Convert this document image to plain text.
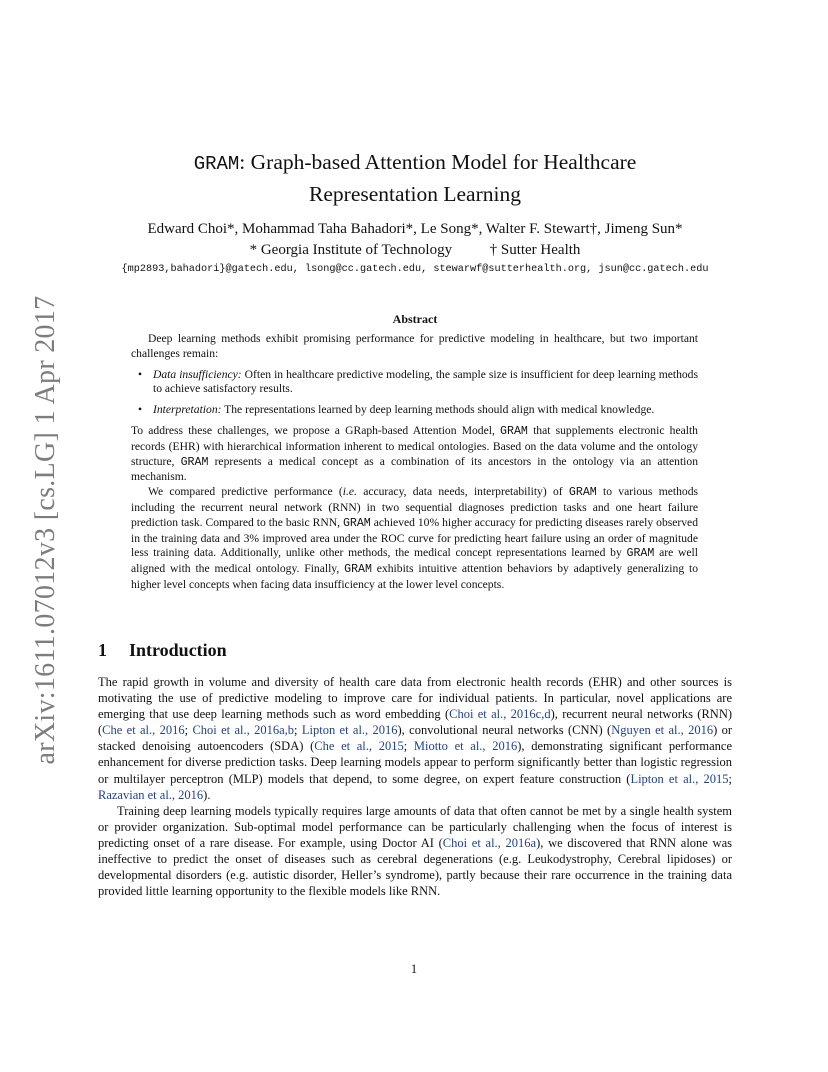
arXiv:1611.07012v3 [cs.LG] 1 Apr 2017
GRAM: Graph-based Attention Model for Healthcare
Representation Learning
Edward Choi*, Mohammad Taha Bahadori*, Le Song*, Walter F. Stewart†, Jimeng Sun*
* Georgia Institute of Technology          † Sutter Health
{mp2893,bahadori}@gatech.edu, lsong@cc.gatech.edu, stewarwf@sutterhealth.org, jsun@cc.gatech.edu
Abstract

Deep learning methods exhibit promising performance for predictive modeling in healthcare, but two important challenges remain:

• Data insufficiency: Often in healthcare predictive modeling, the sample size is insufficient for deep learning methods to achieve satisfactory results.
• Interpretation: The representations learned by deep learning methods should align with medical knowledge.

To address these challenges, we propose a GRaph-based Attention Model, GRAM that supplements electronic health records (EHR) with hierarchical information inherent to medical ontologies. Based on the data volume and the ontology structure, GRAM represents a medical concept as a combination of its ancestors in the ontology via an attention mechanism.

We compared predictive performance (i.e. accuracy, data needs, interpretability) of GRAM to various methods including the recurrent neural network (RNN) in two sequential diagnoses prediction tasks and one heart failure prediction task. Compared to the basic RNN, GRAM achieved 10% higher accuracy for predicting diseases rarely observed in the training data and 3% improved area under the ROC curve for predicting heart failure using an order of magnitude less training data. Additionally, unlike other methods, the medical concept representations learned by GRAM are well aligned with the medical ontology. Finally, GRAM exhibits intuitive attention behaviors by adaptively generalizing to higher level concepts when facing data insufficiency at the lower level concepts.

1 Introduction

The rapid growth in volume and diversity of health care data from electronic health records (EHR) and other sources is motivating the use of predictive modeling to improve care for individual patients. In particular, novel applications are emerging that use deep learning methods such as word embedding (Choi et al., 2016c,d), recurrent neural networks (RNN) (Che et al., 2016; Choi et al., 2016a,b; Lipton et al., 2016), convolutional neural networks (CNN) (Nguyen et al., 2016) or stacked denoising autoencoders (SDA) (Che et al., 2015; Miotto et al., 2016), demonstrating significant performance enhancement for diverse prediction tasks. Deep learning models appear to perform significantly better than logistic regression or multilayer perceptron (MLP) models that depend, to some degree, on expert feature construction (Lipton et al., 2015; Razavian et al., 2016).

Training deep learning models typically requires large amounts of data that often cannot be met by a single health system or provider organization. Sub-optimal model performance can be particularly challenging when the focus of interest is predicting onset of a rare disease. For example, using Doctor AI (Choi et al., 2016a), we discovered that RNN alone was ineffective to predict the onset of diseases such as cerebral degenerations (e.g. Leukodystrophy, Cerebral lipidoses) or developmental disorders (e.g. autistic disorder, Heller’s syndrome), partly because their rare occurrence in the training data provided little learning opportunity to the flexible models like RNN.

1
